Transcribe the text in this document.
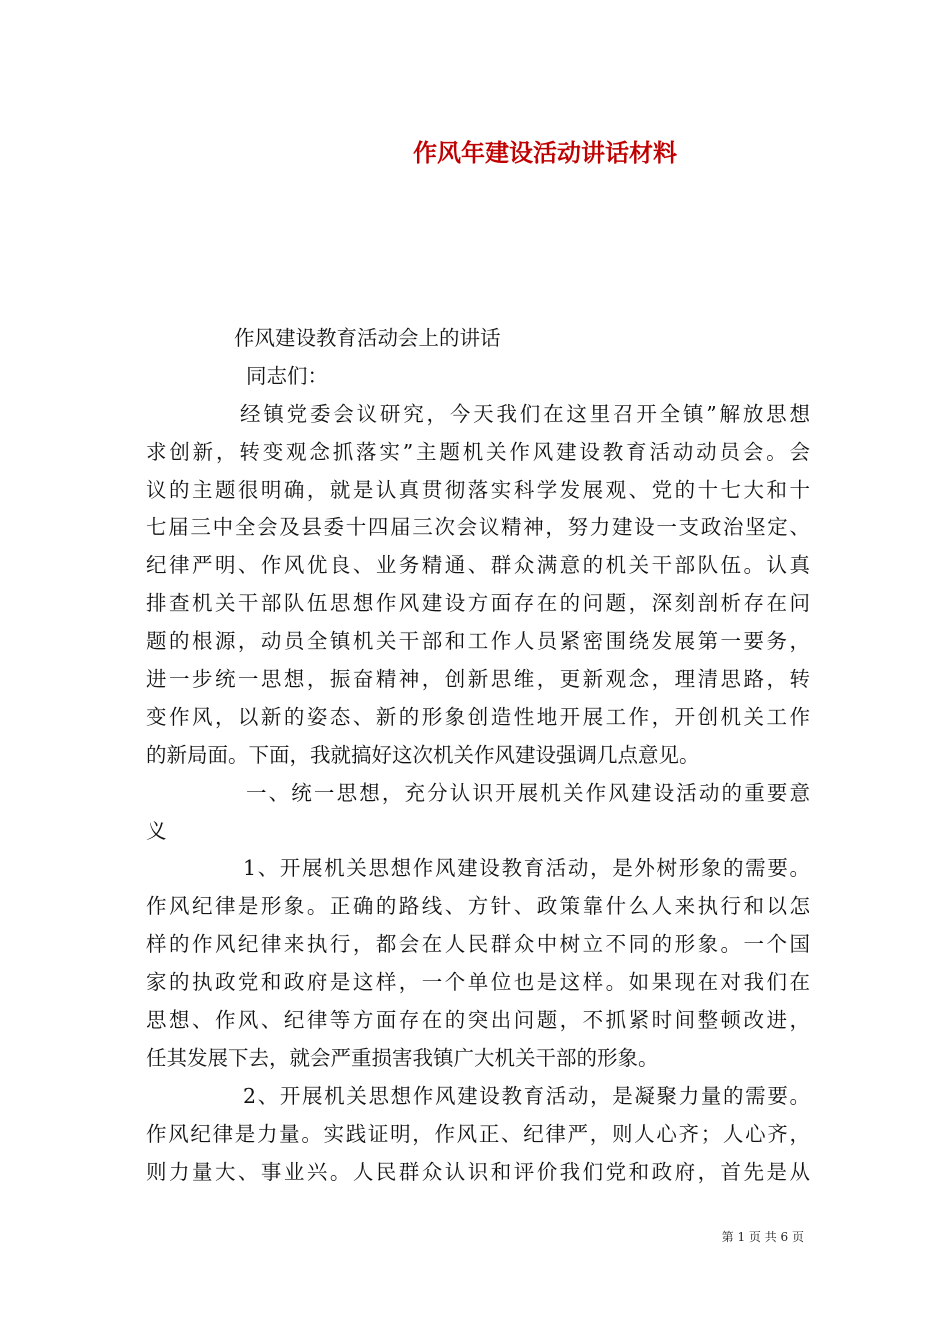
作风年建设活动讲话材料
作风建设教育活动会上的讲话
同志们：
经镇党委会议研究，今天我们在这里召开全镇”解放思想
求创新，转变观念抓落实”主题机关作风建设教育活动动员会。会
议的主题很明确，就是认真贯彻落实科学发展观、党的十七大和十
七届三中全会及县委十四届三次会议精神，努力建设一支政治坚定、
纪律严明、作风优良、业务精通、群众满意的机关干部队伍。认真
排查机关干部队伍思想作风建设方面存在的问题，深刻剖析存在问
题的根源，动员全镇机关干部和工作人员紧密围绕发展第一要务，
进一步统一思想，振奋精神，创新思维，更新观念，理清思路，转
变作风，以新的姿态、新的形象创造性地开展工作，开创机关工作
的新局面。下面，我就搞好这次机关作风建设强调几点意见。
一、统一思想，充分认识开展机关作风建设活动的重要意
义
1、开展机关思想作风建设教育活动，是外树形象的需要。
作风纪律是形象。正确的路线、方针、政策靠什么人来执行和以怎
样的作风纪律来执行，都会在人民群众中树立不同的形象。一个国
家的执政党和政府是这样，一个单位也是这样。如果现在对我们在
思想、作风、纪律等方面存在的突出问题，不抓紧时间整顿改进，
任其发展下去，就会严重损害我镇广大机关干部的形象。
2、开展机关思想作风建设教育活动，是凝聚力量的需要。
作风纪律是力量。实践证明，作风正、纪律严，则人心齐；人心齐，
则力量大、事业兴。人民群众认识和评价我们党和政府，首先是从
第 1 页 共 6 页
